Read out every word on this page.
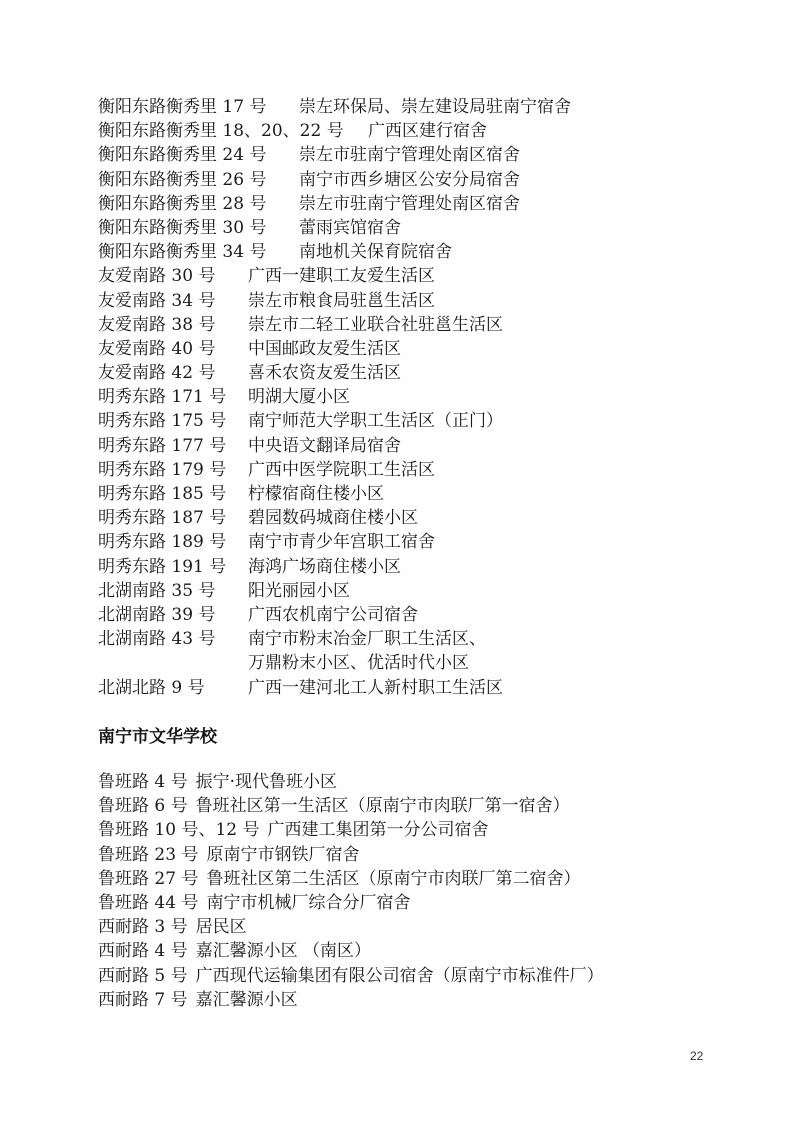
衡阳东路衡秀里 17 号	崇左环保局、崇左建设局驻南宁宿舍
衡阳东路衡秀里 18、20、22 号	广西区建行宿舍
衡阳东路衡秀里 24 号	崇左市驻南宁管理处南区宿舍
衡阳东路衡秀里 26 号	南宁市西乡塘区公安分局宿舍
衡阳东路衡秀里 28 号	崇左市驻南宁管理处南区宿舍
衡阳东路衡秀里 30 号	蕾雨宾馆宿舍
衡阳东路衡秀里 34 号	南地机关保育院宿舍
友爱南路 30 号	广西一建职工友爱生活区
友爱南路 34 号	崇左市粮食局驻邕生活区
友爱南路 38 号	崇左市二轻工业联合社驻邕生活区
友爱南路 40 号	中国邮政友爱生活区
友爱南路 42 号	喜禾农资友爱生活区
明秀东路 171 号	明湖大厦小区
明秀东路 175 号	南宁师范大学职工生活区（正门）
明秀东路 177 号	中央语文翻译局宿舍
明秀东路 179 号	广西中医学院职工生活区
明秀东路 185 号	柠檬宿商住楼小区
明秀东路 187 号	碧园数码城商住楼小区
明秀东路 189 号	南宁市青少年宫职工宿舍
明秀东路 191 号	海鸿广场商住楼小区
北湖南路 35 号	阳光丽园小区
北湖南路 39 号	广西农机南宁公司宿舍
北湖南路 43 号	南宁市粉末冶金厂职工生活区、
万鼎粉末小区、优活时代小区
北湖北路 9 号	广西一建河北工人新村职工生活区
南宁市文华学校
鲁班路 4 号 振宁·现代鲁班小区
鲁班路 6 号 鲁班社区第一生活区（原南宁市肉联厂第一宿舍）
鲁班路 10 号、12 号 广西建工集团第一分公司宿舍
鲁班路 23 号 原南宁市钢铁厂宿舍
鲁班路 27 号 鲁班社区第二生活区（原南宁市肉联厂第二宿舍）
鲁班路 44 号 南宁市机械厂综合分厂宿舍
西耐路 3 号 居民区
西耐路 4 号 嘉汇馨源小区 （南区）
西耐路 5 号 广西现代运输集团有限公司宿舍（原南宁市标准件厂）
西耐路 7 号 嘉汇馨源小区
22
